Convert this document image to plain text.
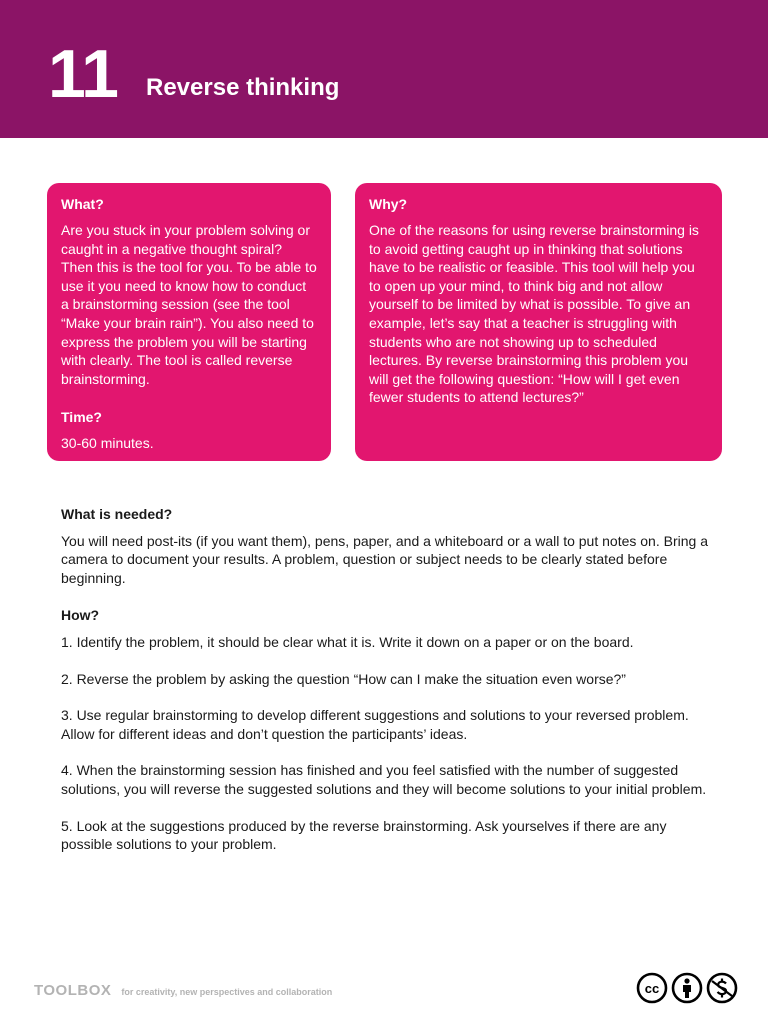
11 Reverse thinking
What?

Are you stuck in your problem solving or caught in a negative thought spiral? Then this is the tool for you. To be able to use it you need to know how to conduct a brainstorming session (see the tool “Make your brain rain”). You also need to express the problem you will be starting with clearly. The tool is called reverse brainstorming.

Time?

30-60 minutes.

Why?

One of the reasons for using reverse brainstorming is to avoid getting caught up in thinking that solutions have to be realistic or feasible. This tool will help you to open up your mind, to think big and not allow yourself to be limited by what is possible. To give an example, let’s say that a teacher is struggling with students who are not showing up to scheduled lectures. By reverse brainstorming this problem you will get the following question: “How will I get even fewer students to attend lectures?”

What is needed?

You will need post-its (if you want them), pens, paper, and a whiteboard or a wall to put notes on. Bring a camera to document your results. A problem, question or subject needs to be clearly stated before beginning.

How?

1. Identify the problem, it should be clear what it is. Write it down on a paper or on the board.

2. Reverse the problem by asking the question “How can I make the situation even worse?”

3. Use regular brainstorming to develop different suggestions and solutions to your reversed problem. Allow for different ideas and don’t question the participants’ ideas.

4. When the brainstorming session has finished and you feel satisfied with the number of suggested solutions, you will reverse the suggested solutions and they will become solutions to your initial problem.

5. Look at the suggestions produced by the reverse brainstorming. Ask yourselves if there are any possible solutions to your problem.

TOOLBOX for creativity, new perspectives and collaboration	cc
